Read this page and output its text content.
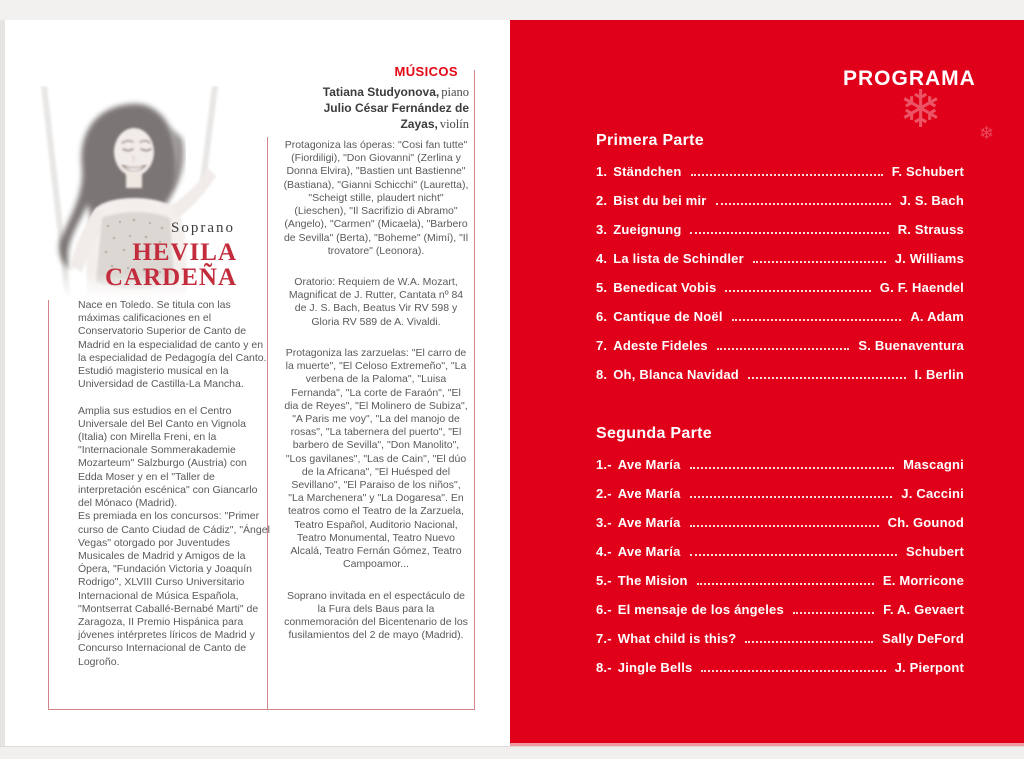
❄ ❄
PROGRAMA
Primera Parte
1. Ständchen	F. Schubert
2. Bist du bei mir	J. S. Bach
3. Zueignung	R. Strauss
4. La lista de Schindler	J. Williams
5. Benedicat Vobis	G. F. Haendel
6. Cantique de Noël	A. Adam
7. Adeste Fideles	S. Buenaventura
8. Oh, Blanca Navidad	I. Berlin
Segunda Parte
1.- Ave María	Mascagni
2.- Ave María	J. Caccini
3.- Ave María	Ch. Gounod
4.- Ave María	Schubert
5.- The Mision	E. Morricone
6.- El mensaje de los ángeles	F. A. Gevaert
7.- What child is this?	Sally DeFord
8.- Jingle Bells	J. Pierpont
Soprano
HEVILA
CARDEÑA

Nace en Toledo. Se titula con las máximas calificaciones en el Conservatorio Superior de Canto de Madrid en la especialidad de canto y en la especialidad de Pedagogía del Canto. Estudió magisterio musical en la Universidad de Castilla-La Mancha.

Amplia sus estudios en el Centro Universale del Bel Canto en Vignola (Italia) con Mirella Freni, en la "Internacionale Sommerakademie Mozarteum" Salzburgo (Austria) con Edda Moser y en el "Taller de interpretación escénica" con Giancarlo del Mónaco (Madrid).

Es premiada en los concursos: "Primer curso de Canto Ciudad de Cádiz", "Ángel Vegas" otorgado por Juventudes Musicales de Madrid y Amigos de la Ópera, "Fundación Victoria y Joaquín Rodrigo", XLVIII Curso Universitario Internacional de Música Española, "Montserrat Caballé-Bernabé Marti" de Zaragoza, II Premio Hispánica para jóvenes intérpretes líricos de Madrid y Concurso Internacional de Canto de Logroño.

MÚSICOS
Tatiana Studyonova, piano
Julio César Fernández de Zayas, violín

Protagoniza las óperas: "Cosi fan tutte" (Fiordiligi), "Don Giovanni" (Zerlina y Donna Elvira), "Bastien unt Bastienne" (Bastiana), "Gianni Schicchi" (Lauretta), "Scheigt stille, plaudert nicht" (Lieschen), "Il Sacrifizio di Abramo" (Angelo), "Carmen" (Micaela), "Barbero de Sevilla" (Berta), "Boheme" (Mimí), "Il trovatore" (Leonora).

Oratorio: Requiem de W.A. Mozart, Magnificat de J. Rutter, Cantata nº 84 de J. S. Bach, Beatus Vir RV 598 y Gloria RV 589 de A. Vivaldi.

Protagoniza las zarzuelas: "El carro de la muerte", "El Celoso Extremeño", "La verbena de la Paloma", "Luisa Fernanda", "La corte de Faraón", "El dia de Reyes", "El Molinero de Subiza", "A Paris me voy", "La del manojo de rosas", "La tabernera del puerto", "El barbero de Sevilla", "Don Manolito", "Los gavilanes", "Las de Cain", "El dúo de la Africana", "El Huésped del Sevillano", "El Paraiso de los niños", "La Marchenera" y "La Dogaresa". En teatros como el Teatro de la Zarzuela, Teatro Español, Auditorio Nacional, Teatro Monumental, Teatro Nuevo Alcalá, Teatro Fernán Gómez, Teatro Campoamor...

Soprano invitada en el espectáculo de la Fura dels Baus para la conmemoración del Bicentenario de los fusilamientos del 2 de mayo (Madrid).
